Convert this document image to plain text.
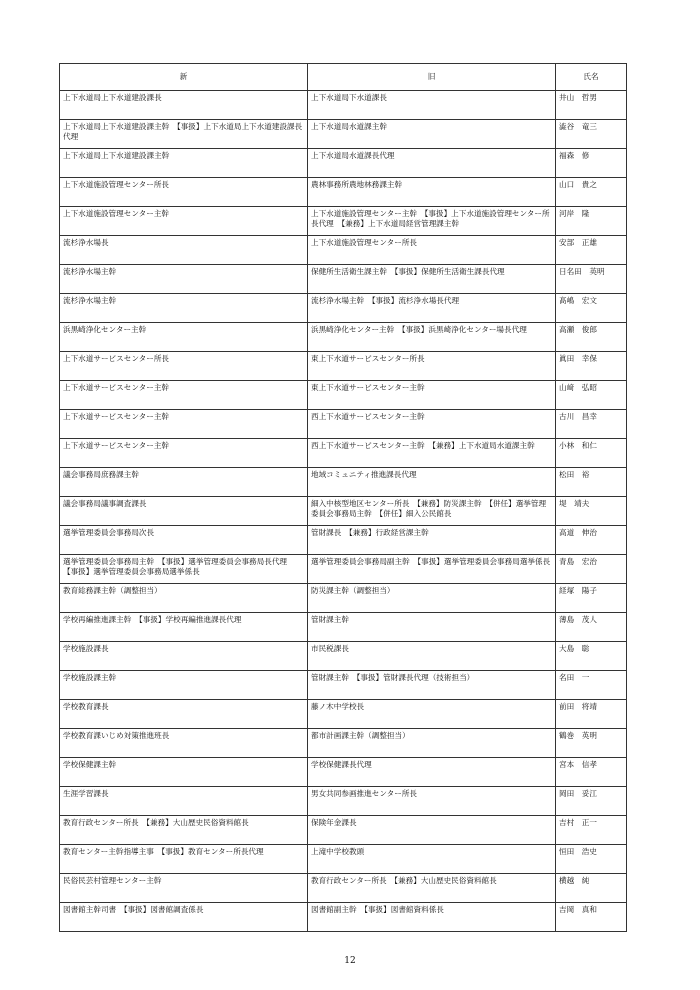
新	旧	氏名
上下水道局上下水道建設課長	上下水道局下水道課長	井山　哲男
上下水道局上下水道建設課主幹　【事扱】上下水道局上下水道建設課長代理	上下水道局水道課主幹	澁谷　竜三
上下水道局上下水道建設課主幹	上下水道局水道課長代理	福森　修
上下水道施設管理センター所長	農林事務所農地林務課主幹	山口　貴之
上下水道施設管理センター主幹	上下水道施設管理センター主幹　【事扱】上下水道施設管理センター所長代理　【兼務】上下水道局経営管理課主幹	河岸　隆
流杉浄水場長	上下水道施設管理センター所長	安部　正雄
流杉浄水場主幹	保健所生活衛生課主幹　【事扱】保健所生活衛生課長代理	日名田　英明
流杉浄水場主幹	流杉浄水場主幹　【事扱】流杉浄水場長代理	髙嶋　宏文
浜黒崎浄化センター主幹	浜黒崎浄化センター主幹　【事扱】浜黒崎浄化センター場長代理	高瀬　俊郎
上下水道サービスセンター所長	東上下水道サービスセンター所長	眞田　幸保
上下水道サービスセンター主幹	東上下水道サービスセンター主幹	山﨑　弘昭
上下水道サービスセンター主幹	西上下水道サービスセンター主幹	古川　昌幸
上下水道サービスセンター主幹	西上下水道サービスセンター主幹　【兼務】上下水道局水道課主幹	小林　和仁
議会事務局庶務課主幹	地域コミュニティ推進課長代理	松田　裕
議会事務局議事調査課長	細入中核型地区センター所長　【兼務】防災課主幹　【併任】選挙管理委員会事務局主幹　【併任】細入公民館長	堤　靖夫
選挙管理委員会事務局次長	管財課長　【兼務】行政経営課主幹	高道　伸治
選挙管理委員会事務局主幹　【事扱】選挙管理委員会事務局長代理　【事扱】選挙管理委員会事務局選挙係長	選挙管理委員会事務局副主幹　【事扱】選挙管理委員会事務局選挙係長	青島　宏治
教育総務課主幹（調整担当）	防災課主幹（調整担当）	経塚　陽子
学校再編推進課主幹　【事扱】学校再編推進課長代理	管財課主幹	薄島　茂人
学校施設課長	市民税課長	大島　聡
学校施設課主幹	管財課主幹　【事扱】管財課長代理（技術担当）	名田　一
学校教育課長	藤ノ木中学校長	前田　将靖
学校教育課いじめ対策推進班長	都市計画課主幹（調整担当）	鶴巻　英明
学校保健課主幹	学校保健課長代理	宮本　信孝
生涯学習課長	男女共同参画推進センター所長	岡田　妥江
教育行政センター所長　【兼務】大山歴史民俗資料館長	保険年金課長	吉村　正一
教育センター主幹指導主事　【事扱】教育センター所長代理	上滝中学校教頭	恒田　浩史
民俗民芸村管理センター主幹	教育行政センター所長　【兼務】大山歴史民俗資料館長	横越　純
図書館主幹司書　【事扱】図書館調査係長	図書館副主幹　【事扱】図書館資料係長	吉岡　真和
12
